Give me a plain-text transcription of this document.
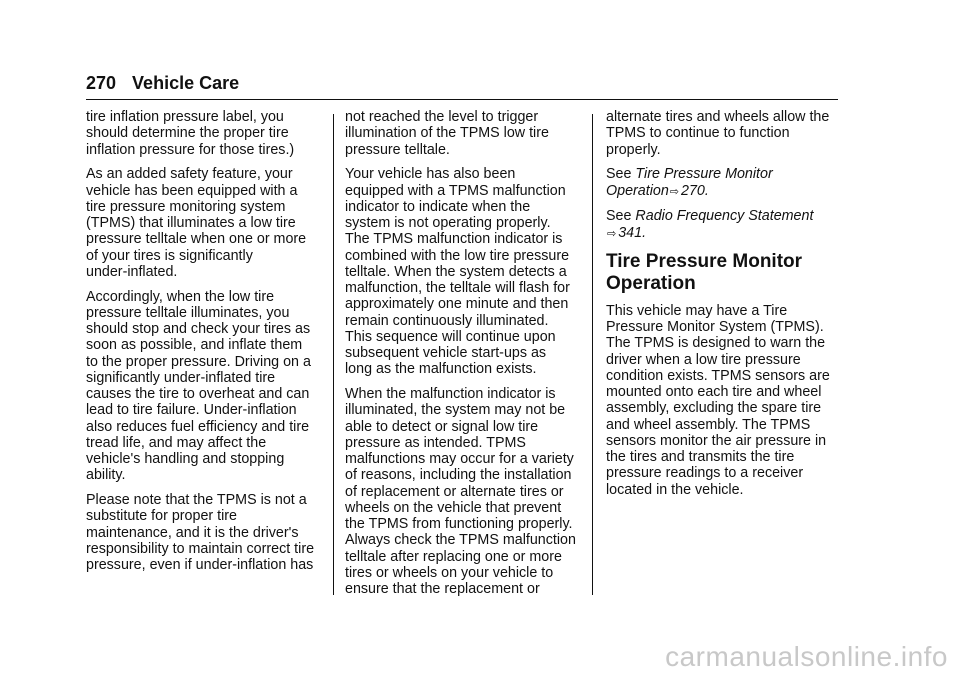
270 Vehicle Care

tire inflation pressure label, you
should determine the proper tire
inflation pressure for those tires.)

As an added safety feature, your
vehicle has been equipped with a
tire pressure monitoring system
(TPMS) that illuminates a low tire
pressure telltale when one or more
of your tires is significantly
under-inflated.

Accordingly, when the low tire
pressure telltale illuminates, you
should stop and check your tires as
soon as possible, and inflate them
to the proper pressure. Driving on a
significantly under-inflated tire
causes the tire to overheat and can
lead to tire failure. Under-inflation
also reduces fuel efficiency and tire
tread life, and may affect the
vehicle's handling and stopping
ability.

Please note that the TPMS is not a
substitute for proper tire
maintenance, and it is the driver's
responsibility to maintain correct tire
pressure, even if under-inflation has

not reached the level to trigger
illumination of the TPMS low tire
pressure telltale.

Your vehicle has also been
equipped with a TPMS malfunction
indicator to indicate when the
system is not operating properly.
The TPMS malfunction indicator is
combined with the low tire pressure
telltale. When the system detects a
malfunction, the telltale will flash for
approximately one minute and then
remain continuously illuminated.
This sequence will continue upon
subsequent vehicle start-ups as
long as the malfunction exists.

When the malfunction indicator is
illuminated, the system may not be
able to detect or signal low tire
pressure as intended. TPMS
malfunctions may occur for a variety
of reasons, including the installation
of replacement or alternate tires or
wheels on the vehicle that prevent
the TPMS from functioning properly.
Always check the TPMS malfunction
telltale after replacing one or more
tires or wheels on your vehicle to
ensure that the replacement or

alternate tires and wheels allow the
TPMS to continue to function
properly.

See Tire Pressure Monitor
Operation⇨ 270.

See Radio Frequency Statement
⇨ 341.

Tire Pressure Monitor
Operation

This vehicle may have a Tire
Pressure Monitor System (TPMS).
The TPMS is designed to warn the
driver when a low tire pressure
condition exists. TPMS sensors are
mounted onto each tire and wheel
assembly, excluding the spare tire
and wheel assembly. The TPMS
sensors monitor the air pressure in
the tires and transmits the tire
pressure readings to a receiver
located in the vehicle.

carmanualsonline.info
